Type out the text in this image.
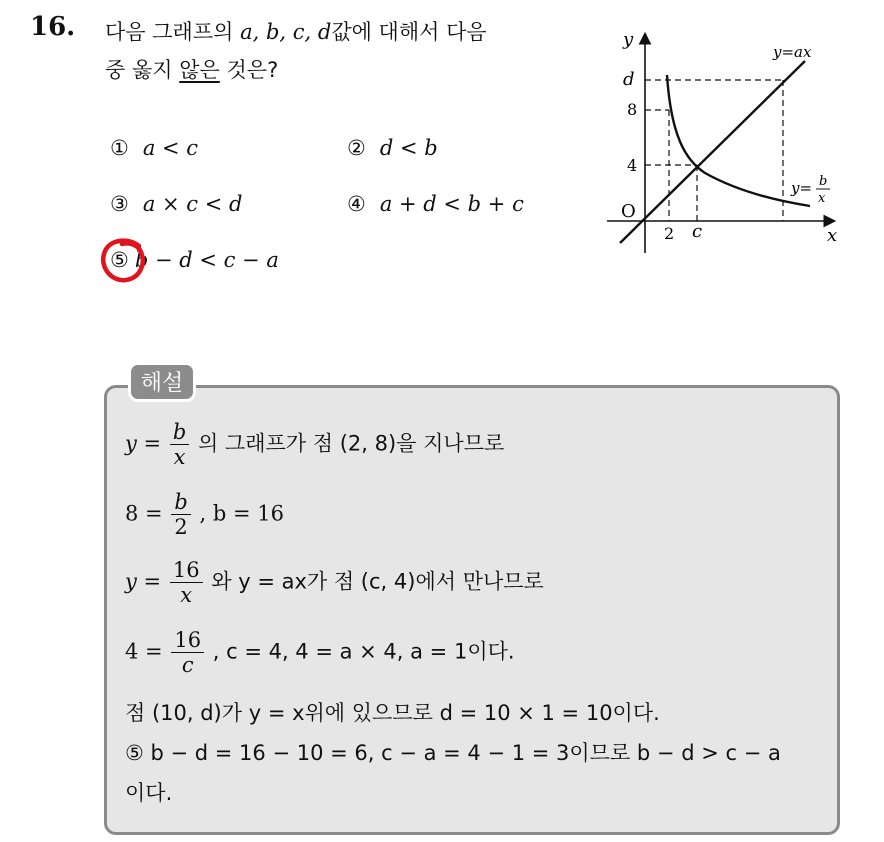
16. 다음 그래프의 a, b, c, d값에 대해서 다음
중 옳지 않은 것은?
① a < c	② d < b
③ a × c < d	④ a + d < b + c
⑤ b − d < c − a
y
x
O
d
8
4
2 c
y=ax
y= b
x
해설
$y = \frac{b}{x}$ 의 그래프가 점 (2, 8)을 지나므로
$8 = \frac{b}{2}$ , b = 16
$y = \frac{16}{x}$ 와 y = ax가 점 (c, 4)에서 만나므로
$4 = \frac{16}{c}$ , c = 4, 4 = a × 4, a = 1이다.
점 (10, d)가 y = x위에 있으므로 d = 10 × 1 = 10이다.
⑤ b − d = 16 − 10 = 6, c − a = 4 − 1 = 3이므로 b − d > c − a
이다.
